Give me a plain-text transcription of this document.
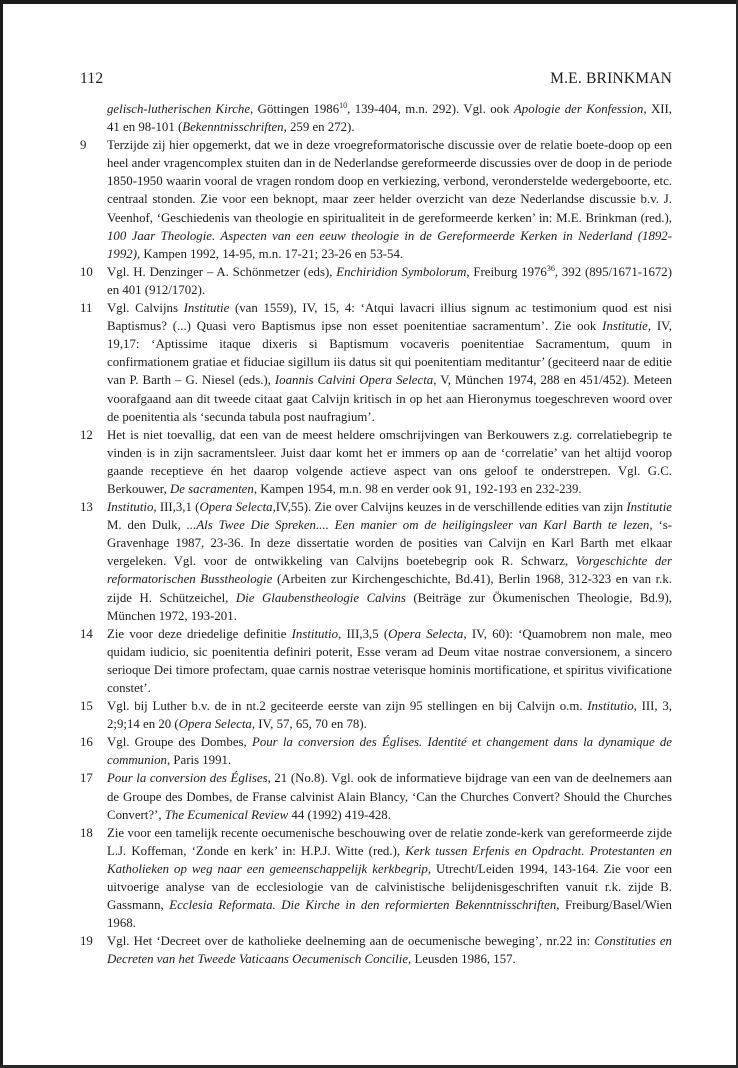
112	M.E. BRINKMAN
gelisch-lutherischen Kirche, Göttingen 1986$^{10}$, 139-404, m.n. 292). Vgl. ook Apologie der Konfession, XII, 41 en 98-101 (Bekenntnisschriften, 259 en 272).
9	Terzijde zij hier opgemerkt, dat we in deze vroegreformatorische discussie over de relatie boete-doop op een heel ander vragencomplex stuiten dan in de Nederlandse gereformeerde discussies over de doop in de periode 1850-1950 waarin vooral de vragen rondom doop en verkiezing, verbond, veronderstelde wedergeboorte, etc. centraal stonden. Zie voor een beknopt, maar zeer helder overzicht van deze Nederlandse discussie b.v. J. Veenhof, ‘Geschiedenis van theologie en spiritualiteit in de gereformeerde kerken’ in: M.E. Brinkman (red.), 100 Jaar Theologie. Aspecten van een eeuw theologie in de Gereformeerde Kerken in Nederland (1892-1992), Kampen 1992, 14-95, m.n. 17-21; 23-26 en 53-54.
10	Vgl. H. Denzinger – A. Schönmetzer (eds), Enchiridion Symbolorum, Freiburg 1976$^{36}$, 392 (895/1671-1672) en 401 (912/1702).
11	Vgl. Calvijns Institutie (van 1559), IV, 15, 4: ‘Atqui lavacri illius signum ac testimonium quod est nisi Baptismus? (...) Quasi vero Baptismus ipse non esset poenitentiae sacramentum’. Zie ook Institutie, IV, 19,17: ‘Aptissime itaque dixeris si Baptismum vocaveris poenitentiae Sacramentum, quum in confirmationem gratiae et fiduciae sigillum iis datus sit qui poenitentiam meditantur’ (geciteerd naar de editie van P. Barth – G. Niesel (eds.), Ioannis Calvini Opera Selecta, V, München 1974, 288 en 451/452). Meteen voorafgaand aan dit tweede citaat gaat Calvijn kritisch in op het aan Hieronymus toegeschreven woord over de poenitentia als ‘secunda tabula post naufragium’.
12	Het is niet toevallig, dat een van de meest heldere omschrijvingen van Berkouwers z.g. correlatiebegrip te vinden is in zijn sacramentsleer. Juist daar komt het er immers op aan de ‘correlatie’ van het altijd voorop gaande receptieve én het daarop volgende actieve aspect van ons geloof te onderstrepen. Vgl. G.C. Berkouwer, De sacramenten, Kampen 1954, m.n. 98 en verder ook 91, 192-193 en 232-239.
13	Institutio, III,3,1 (Opera Selecta,IV,55). Zie over Calvijns keuzes in de verschillende edities van zijn Institutie M. den Dulk, ...Als Twee Die Spreken.... Een manier om de heiligingsleer van Karl Barth te lezen, ‘s-Gravenhage 1987, 23-36. In deze dissertatie worden de posities van Calvijn en Karl Barth met elkaar vergeleken. Vgl. voor de ontwikkeling van Calvijns boetebegrip ook R. Schwarz, Vorgeschichte der reformatorischen Busstheologie (Arbeiten zur Kirchengeschichte, Bd.41), Berlin 1968, 312-323 en van r.k. zijde H. Schützeichel, Die Glaubenstheologie Calvins (Beiträge zur Ökumenischen Theologie, Bd.9), München 1972, 193-201.
14	Zie voor deze driedelige definitie Institutio, III,3,5 (Opera Selecta, IV, 60): ‘Quamobrem non male, meo quidam iudicio, sic poenitentia definiri poterit, Esse veram ad Deum vitae nostrae conversionem, a sincero serioque Dei timore profectam, quae carnis nostrae veterisque hominis mortificatione, et spiritus vivificatione constet’.
15	Vgl. bij Luther b.v. de in nt.2 geciteerde eerste van zijn 95 stellingen en bij Calvijn o.m. Institutio, III, 3, 2;9;14 en 20 (Opera Selecta, IV, 57, 65, 70 en 78).
16	Vgl. Groupe des Dombes, Pour la conversion des Églises. Identité et changement dans la dynamique de communion, Paris 1991.
17	Pour la conversion des Églises, 21 (No.8). Vgl. ook de informatieve bijdrage van een van de deelnemers aan de Groupe des Dombes, de Franse calvinist Alain Blancy, ‘Can the Churches Convert? Should the Churches Convert?’, The Ecumenical Review 44 (1992) 419-428.
18	Zie voor een tamelijk recente oecumenische beschouwing over de relatie zonde-kerk van gereformeerde zijde L.J. Koffeman, ‘Zonde en kerk’ in: H.P.J. Witte (red.), Kerk tussen Erfenis en Opdracht. Protestanten en Katholieken op weg naar een gemeenschappelijk kerkbegrip, Utrecht/Leiden 1994, 143-164. Zie voor een uitvoerige analyse van de ecclesiologie van de calvinistische belijdenisgeschriften vanuit r.k. zijde B. Gassmann, Ecclesia Reformata. Die Kirche in den reformierten Bekenntnisschriften, Freiburg/Basel/Wien 1968.
19	Vgl. Het ‘Decreet over de katholieke deelneming aan de oecumenische beweging’, nr.22 in: Constituties en Decreten van het Tweede Vaticaans Oecumenisch Concilie, Leusden 1986, 157.
